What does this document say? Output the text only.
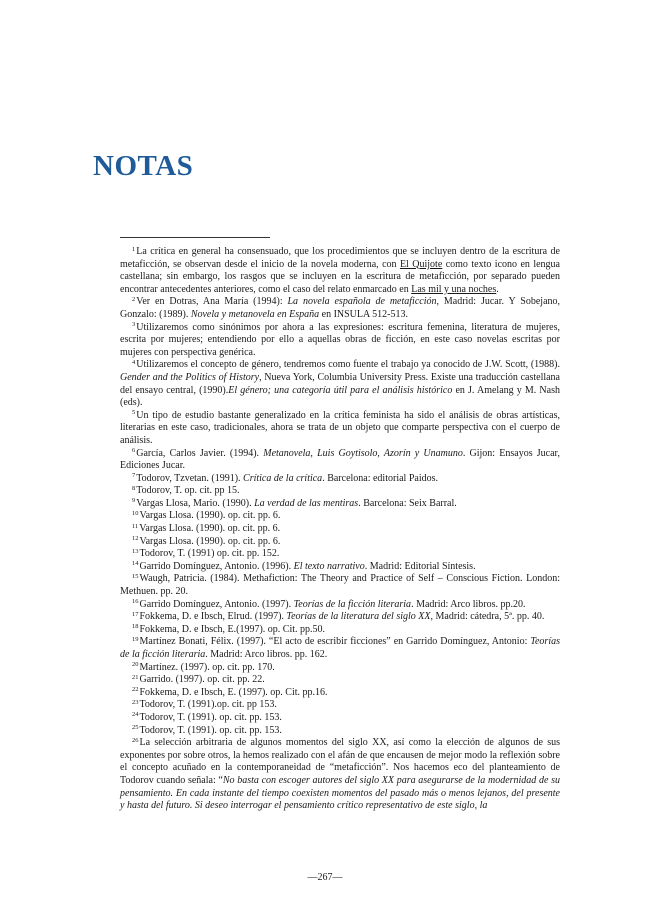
NOTAS

$^1$La crítica en general ha consensuado, que los procedimientos que se incluyen dentro de la escritura de metaficción, se observan desde el inicio de la novela moderna, con El Quijote como texto icono en lengua castellana; sin embargo, los rasgos que se incluyen en la escritura de metaficción, por separado pueden encontrar antecedentes anteriores, como el caso del relato enmarcado en Las mil y una noches.

$^2$Ver en Dotras, Ana María (1994): La novela española de metaficción, Madrid: Jucar. Y Sobejano, Gonzalo: (1989). Novela y metanovela en España en INSULA 512-513.

$^3$Utilizaremos como sinónimos por ahora a las expresiones: escritura femenina, literatura de mujeres, escrita por mujeres; entendiendo por ello a aquellas obras de ficción, en este caso novelas escritas por mujeres con perspectiva genérica.

$^4$Utilizaremos el concepto de género, tendremos como fuente el trabajo ya conocido de J.W. Scott, (1988). Gender and the Politics of History, Nueva York, Columbia University Press. Existe una traducción castellana del ensayo central, (1990).El género; una categoría útil para el análisis histórico en J. Amelang y M. Nash (eds).

$^5$Un tipo de estudio bastante generalizado en la crítica feminista ha sido el análisis de obras artísticas, literarias en este caso, tradicionales, ahora se trata de un objeto que comparte perspectiva con el cuerpo de análisis.

$^6$García, Carlos Javier. (1994). Metanovela, Luis Goytisolo, Azorín y Unamuno. Gijon: Ensayos Jucar, Ediciones Jucar.

$^7$Todorov, Tzvetan. (1991). Crítica de la crítica. Barcelona: editorial Paidos.

$^8$Todorov, T. op. cit. pp 15.

$^9$Vargas Llosa, Mario. (1990). La verdad de las mentiras. Barcelona: Seix Barral.

$^{10}$Vargas Llosa. (1990). op. cit. pp. 6.

$^{11}$Vargas Llosa. (1990). op. cit. pp. 6.

$^{12}$Vargas Llosa. (1990). op. cit. pp. 6.

$^{13}$Todorov, T. (1991) op. cit. pp. 152.

$^{14}$Garrido Domínguez, Antonio. (1996). El texto narrativo. Madrid: Editorial Síntesis.

$^{15}$Waugh, Patricia. (1984). Methafiction: The Theory and Practice of Self – Conscious Fiction. London: Methuen. pp. 20.

$^{16}$Garrido Domínguez, Antonio. (1997). Teorías de la ficción literaria. Madrid: Arco libros. pp.20.

$^{17}$Fokkema, D. e Ibsch, Elrud. (1997). Teorías de la literatura del siglo XX, Madrid: cátedra, 5ª. pp. 40.

$^{18}$Fokkema, D. e Ibsch, E.(1997). op. Cit. pp.50.

$^{19}$Martínez Bonati, Félix. (1997). “El acto de escribir ficciones” en Garrido Domínguez, Antonio: Teorías de la ficción literaria. Madrid: Arco libros. pp. 162.

$^{20}$Martínez. (1997). op. cit. pp. 170.

$^{21}$Garrido. (1997). op. cit. pp. 22.

$^{22}$Fokkema, D. e Ibsch, E. (1997). op. Cit. pp.16.

$^{23}$Todorov, T. (1991).op. cit. pp 153.

$^{24}$Todorov, T. (1991). op. cit. pp. 153.

$^{25}$Todorov, T. (1991). op. cit. pp. 153.

$^{26}$La selección arbitraria de algunos momentos del siglo XX, así como la elección de algunos de sus exponentes por sobre otros, la hemos realizado con el afán de que encausen de mejor modo la reflexión sobre el concepto acuñado en la contemporaneidad de “metaficción”. Nos hacemos eco del planteamiento de Todorov cuando señala: “No basta con escoger autores del siglo XX para asegurarse de la modernidad de su pensamiento. En cada instante del tiempo coexisten momentos del pasado más o menos lejanos, del presente y hasta del futuro. Si deseo interrogar el pensamiento crítico representativo de este siglo, la

—267—
